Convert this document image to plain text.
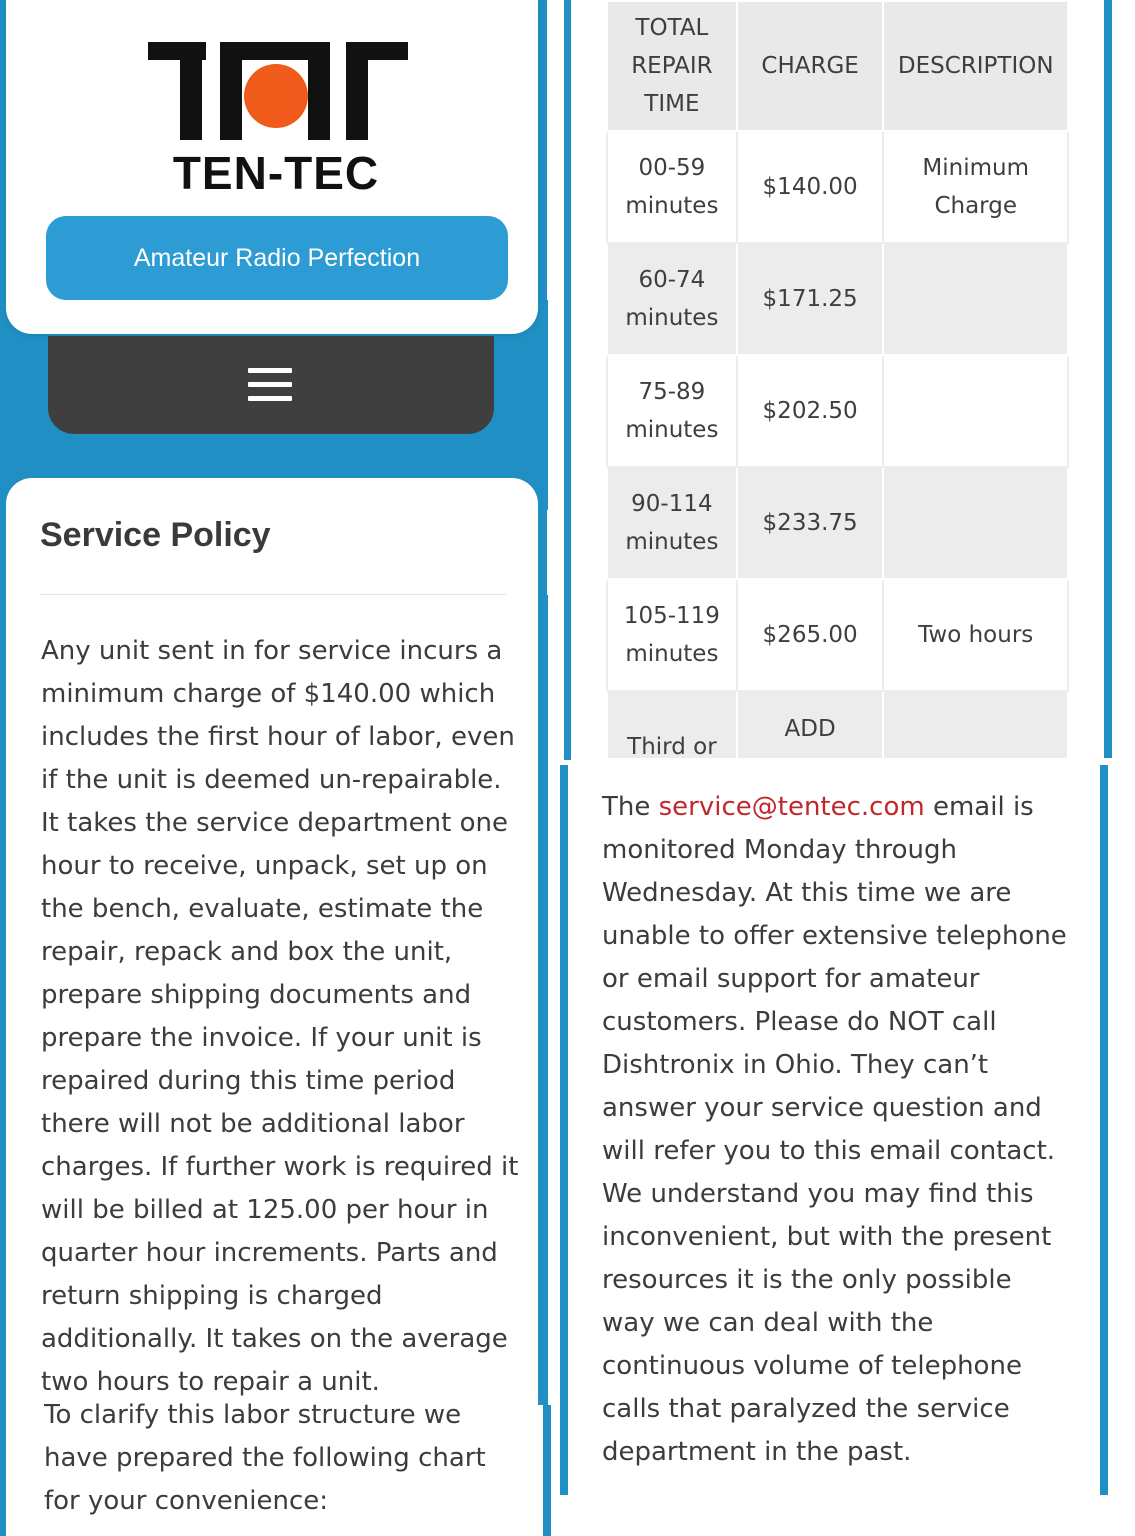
TEN-TEC
Amateur Radio Perfection
Service Policy

Any unit sent in for service incurs a minimum charge of $140.00 which includes the first hour of labor, even if the unit is deemed un-repairable. It takes the service department one hour to receive, unpack, set up on the bench, evaluate, estimate the repair, repack and box the unit, prepare shipping documents and prepare the invoice. If your unit is repaired during this time period there will not be additional labor charges. If further work is required it will be billed at 125.00 per hour in quarter hour increments. Parts and return shipping is charged additionally. It takes on the average two hours to repair a unit.

To clarify this labor structure we have prepared the following chart for your convenience:

TOTAL REPAIR TIME	CHARGE	DESCRIPTION
00-59 minutes	$140.00	Minimum Charge
60-74 minutes	$171.25	
75-89 minutes	$202.50	
90-114 minutes	$233.75	
105-119 minutes	$265.00	Two hours
Third or	ADD	

The service@tentec.com email is monitored Monday through Wednesday. At this time we are unable to offer extensive telephone or email support for amateur customers. Please do NOT call Dishtronix in Ohio. They can’t answer your service question and will refer you to this email contact. We understand you may find this inconvenient, but with the present resources it is the only possible way we can deal with the continuous volume of telephone calls that paralyzed the service department in the past.
